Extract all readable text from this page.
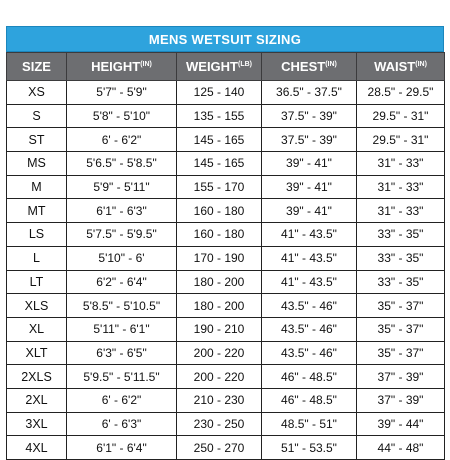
MENS WETSUIT SIZING
SIZE	$HEIGHT^{(IN)}$	$WEIGHT^{(LB)}$	$CHEST^{(IN)}$	$WAIST^{(IN)}$
XS	5'7" - 5'9"	125 - 140	36.5" - 37.5"	28.5" - 29.5"
S	5'8" - 5'10"	135 - 155	37.5" - 39"	29.5" - 31"
ST	6' - 6'2"	145 - 165	37.5" - 39"	29.5" - 31"
MS	5'6.5" - 5'8.5"	145 - 165	39" - 41"	31" - 33"
M	5'9" - 5'11"	155 - 170	39" - 41"	31" - 33"
MT	6'1" - 6'3"	160 - 180	39" - 41"	31" - 33"
LS	5'7.5" - 5'9.5"	160 - 180	41" - 43.5"	33" - 35"
L	5'10" - 6'	170 - 190	41" - 43.5"	33" - 35"
LT	6'2" - 6'4"	180 - 200	41" - 43.5"	33" - 35"
XLS	5'8.5" - 5'10.5"	180 - 200	43.5" - 46"	35" - 37"
XL	5'11" - 6'1"	190 - 210	43.5" - 46"	35" - 37"
XLT	6'3" - 6'5"	200 - 220	43.5" - 46"	35" - 37"
2XLS	5'9.5" - 5'11.5"	200 - 220	46" - 48.5"	37" - 39"
2XL	6' - 6'2"	210 - 230	46" - 48.5"	37" - 39"
3XL	6' - 6'3"	230 - 250	48.5" - 51"	39" - 44"
4XL	6'1" - 6'4"	250 - 270	51" - 53.5"	44" - 48"
